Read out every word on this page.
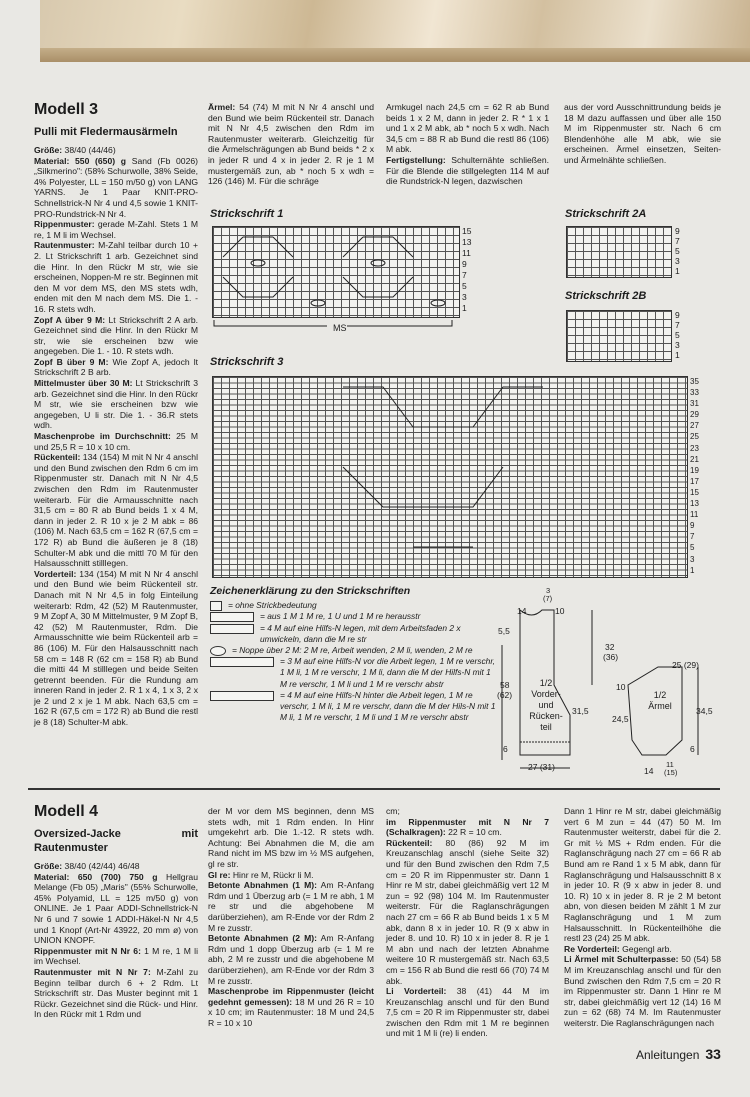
Modell 3
Pulli mit Fledermausärmeln

Größe: 38/40 (44/46)

Material: 550 (650) g Sand (Fb 0026) „Silkmerino": (58% Schurwolle, 38% Seide, 4% Polyester, LL = 150 m/50 g) von LANG YARNS. Je 1 Paar KNIT-PRO-Schnellstrick-N Nr 4 und 4,5 sowie 1 KNIT-PRO-Rundstrick-N Nr 4.

Rippenmuster: gerade M-Zahl. Stets 1 M re, 1 M li im Wechsel.

Rautenmuster: M-Zahl teilbar durch 10 + 2. Lt Strickschrift 1 arb. Gezeichnet sind die Hinr. In den Rückr M str, wie sie erscheinen, Noppen-M re str. Beginnen mit den M vor dem MS, den MS stets wdh, enden mit den M nach dem MS. Die 1. - 16. R stets wdh.

Zopf A über 9 M: Lt Strickschrift 2 A arb. Gezeichnet sind die Hinr. In den Rückr M str, wie sie erscheinen bzw wie angegeben. Die 1. - 10. R stets wdh.

Zopf B über 9 M: Wie Zopf A, jedoch lt Strickschrift 2 B arb.

Mittelmuster über 30 M: Lt Strickschrift 3 arb. Gezeichnet sind die Hinr. In den Rückr M str, wie sie erscheinen bzw wie angegeben, U li str. Die 1. - 36.R stets wdh.

Maschenprobe im Durchschnitt: 25 M und 25,5 R = 10 x 10 cm.

Rückenteil: 134 (154) M mit N Nr 4 anschl und den Bund zwischen den Rdm 6 cm im Rippenmuster str. Danach mit N Nr 4,5 zwischen den Rdm im Rautenmuster weiterarb. Für die Armausschnitte nach 31,5 cm = 80 R ab Bund beids 1 x 4 M, dann in jeder 2. R 10 x je 2 M abk = 86 (106) M. Nach 63,5 cm = 162 R (67,5 cm = 172 R) ab Bund die äußeren je 8 (18) Schulter-M abk und die mittl 70 M für den Halsausschnitt stilllegen.

Vorderteil: 134 (154) M mit N Nr 4 anschl und den Bund wie beim Rückenteil str. Danach mit N Nr 4,5 in folg Einteilung weiterarb: Rdm, 42 (52) M Rautenmuster, 9 M Zopf A, 30 M Mittelmuster, 9 M Zopf B, 42 (52) M Rautenmuster, Rdm. Die Armausschnitte wie beim Rückenteil arb = 86 (106) M. Für den Halsausschnitt nach 58 cm = 148 R (62 cm = 158 R) ab Bund die mitti 44 M stilllegen und beide Seiten getrennt beenden. Für die Rundung am inneren Rand in jeder 2. R 1 x 4, 1 x 3, 2 x je 2 und 2 x je 1 M abk. Nach 63,5 cm = 162 R (67,5 cm = 172 R) ab Bund die restl je 8 (18) Schulter-M abk.

Ärmel: 54 (74) M mit N Nr 4 anschl und den Bund wie beim Rückenteil str. Danach mit N Nr 4,5 zwischen den Rdm im Rautenmuster weiterarb. Gleichzeitig für die Ärmelschrägungen ab Bund beids * 2 x in jeder R und 4 x in jeder 2. R je 1 M mustergemäß zun, ab * noch 5 x wdh = 126 (146) M. Für die schräge

Armkugel nach 24,5 cm = 62 R ab Bund beids 1 x 2 M, dann in jeder 2. R * 1 x 1 und 1 x 2 M abk, ab * noch 5 x wdh. Nach 34,5 cm = 88 R ab Bund die restl 86 (106) M abk.

Fertigstellung: Schulternähte schließen. Für die Blende die stillgelegten 114 M auf die Rundstrick-N legen, dazwischen

aus der vord Ausschnittrundung beids je 18 M dazu auffassen und über alle 150 M im Rippenmuster str. Nach 6 cm Blendenhöhe alle M abk, wie sie erscheinen. Ärmel einsetzen, Seiten- und Ärmelnähte schließen.

Strickschrift 1
15
13
11
9
7
5
3
1
MS
Strickschrift 2A
9
7
5
3
1
Strickschrift 2B
9
7
5
3
1
Strickschrift 3
35
33
31
29
27
25
23
21
19
17
15
13
11
9
7
5
3
1
Zeichenerklärung zu den Strickschriften
= ohne Strickbedeutung
= aus 1 M 1 M re, 1 U und 1 M re herausstr
= 4 M auf eine Hilfs-N legen, mit dem Arbeitsfaden 2 x umwickeln, dann die M re str
= Noppe über 2 M: 2 M re, Arbeit wenden, 2 M li, wenden, 2 M re
= 3 M auf eine Hilfs-N vor die Arbeit legen, 1 M re verschr, 1 M li, 1 M re verschr, 1 M li, dann die M der Hilfs-N mit 1 M re verschr, 1 M li und 1 M re verschr abstr
= 4 M auf eine Hilfs-N hinter die Arbeit legen, 1 M re verschr, 1 M li, 1 M re verschr, dann die M der Hils-N mit 1 M li, 1 M re verschr, 1 M li und 1 M re verschr abstr
14	10
3
(7)
5,5
32
(36)
58
(62)
1/2 Vorder- und Rücken- teil
31,5
27 (31)
6
25 (29)
10
1/2 Ärmel
24,5
34,5
6
14
11
(15)
Modell 4
Oversized-Jacke mit Rautenmuster

Größe: 38/40 (42/44) 46/48

Material: 650 (700) 750 g Hellgrau Melange (Fb 05) „Maris" (55% Schurwolle, 45% Polyamid, LL = 125 m/50 g) von ONLINE. Je 1 Paar ADDI-Schnellstrick-N Nr 6 und 7 sowie 1 ADDI-Häkel-N Nr 4,5 und 1 Knopf (Art-Nr 43922, 20 mm ø) von UNION KNOPF.

Rippenmuster mit N Nr 6: 1 M re, 1 M li im Wechsel.

Rautenmuster mit N Nr 7: M-Zahl zu Beginn teilbar durch 6 + 2 Rdm. Lt Strickschrift str. Das Muster beginnt mit 1 Rückr. Gezeichnet sind die Rück- und Hinr. In den Rückr mit 1 Rdm und

der M vor dem MS beginnen, denn MS stets wdh, mit 1 Rdm enden. In Hinr umgekehrt arb. Die 1.-12. R stets wdh. Achtung: Bei Abnahmen die M, die am Rand nicht im MS bzw im ½ MS aufgehen, gl re str.

Gl re: Hinr re M, Rückr li M.

Betonte Abnahmen (1 M): Am R-Anfang Rdm und 1 Überzug arb (= 1 M re abh, 1 M re str und die abgehobene M darüberziehen), am R-Ende vor der Rdm 2 M re zusstr.

Betonte Abnahmen (2 M): Am R-Anfang Rdm und 1 dopp Überzug arb (= 1 M re abh, 2 M re zusstr und die abgehobene M darüberziehen), am R-Ende vor der Rdm 3 M re zusstr.

Maschenprobe im Rippenmuster (leicht gedehnt gemessen): 18 M und 26 R = 10 x 10 cm; im Rautenmuster: 18 M und 24,5 R = 10 x 10

cm;

im Rippenmuster mit N Nr 7 (Schalkragen): 22 R = 10 cm.

Rückenteil: 80 (86) 92 M im Kreuzanschlag anschl (siehe Seite 32) und für den Bund zwischen den Rdm 7,5 cm = 20 R im Rippenmuster str. Dann 1 Hinr re M str, dabei gleichmäßig vert 12 M zun = 92 (98) 104 M. Im Rautenmuster weiterstr. Für die Raglanschrägungen nach 27 cm = 66 R ab Bund beids 1 x 5 M abk, dann 8 x in jeder 10. R (9 x abw in jeder 8. und 10. R) 10 x in jeder 8. R je 1 M abn und nach der letzten Abnahme weitere 10 R mustergemäß str. Nach 63,5 cm = 156 R ab Bund die restl 66 (70) 74 M abk.

Li Vorderteil: 38 (41) 44 M im Kreuzanschlag anschl und für den Bund 7,5 cm = 20 R im Rippenmuster str, dabei zwischen den Rdm mit 1 M re beginnen und mit 1 M li (re) li enden.

Dann 1 Hinr re M str, dabei gleichmäßig vert 6 M zun = 44 (47) 50 M. Im Rautenmuster weiterstr, dabei für die 2. Gr mit ½ MS + Rdm enden. Für die Raglanschrägung nach 27 cm = 66 R ab Bund am re Rand 1 x 5 M abk, dann für Raglanschrägung und Halsausschnitt 8 x in jeder 10. R (9 x abw in jeder 8. und 10. R) 10 x in jeder 8. R je 2 M betont abn, von diesen beiden M zählt 1 M zur Raglanschrägung und 1 M zum Halsausschnitt. In Rückenteilhöhe die restl 23 (24) 25 M abk.

Re Vorderteil: Gegengl arb.

Li Ärmel mit Schulterpasse: 50 (54) 58 M im Kreuzanschlag anschl und für den Bund zwischen den Rdm 7,5 cm = 20 R im Rippenmuster str. Dann 1 Hinr re M str, dabei gleichmäßig vert 12 (14) 16 M zun = 62 (68) 74 M. Im Rautenmuster weiterstr. Die Raglanschrägungen nach

Anleitungen 33
